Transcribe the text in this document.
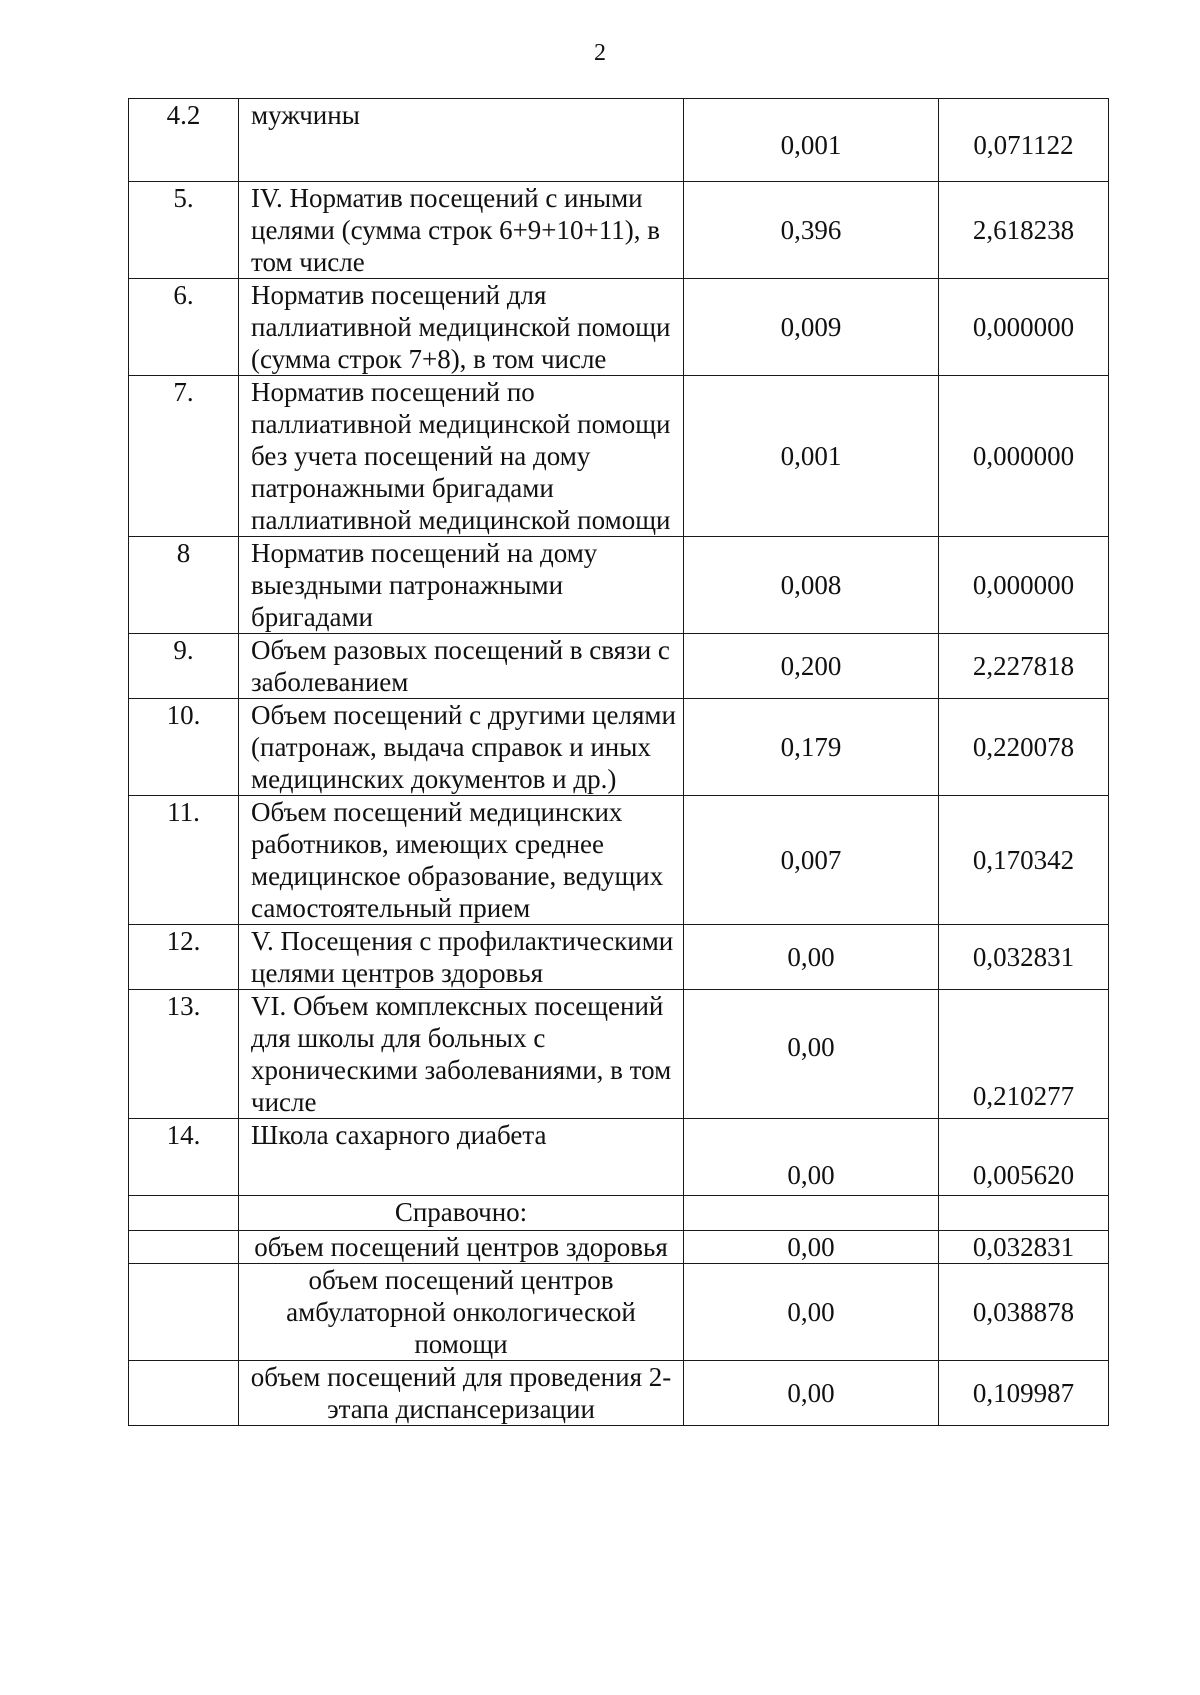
2
4.2	мужчины	0,001	0,071122
5.	IV. Норматив посещений с иными целями (сумма строк 6+9+10+11), в том числе	0,396	2,618238
6.	Норматив посещений для паллиативной медицинской помощи (сумма строк 7+8), в том числе	0,009	0,000000
7.	Норматив посещений по паллиативной медицинской помощи без учета посещений на дому патронажными бригадами паллиативной медицинской помощи	0,001	0,000000
8	Норматив посещений на дому выездными патронажными бригадами	0,008	0,000000
9.	Объем разовых посещений в связи с заболеванием	0,200	2,227818
10.	Объем посещений с другими целями (патронаж, выдача справок и иных медицинских документов и др.)	0,179	0,220078
11.	Объем посещений медицинских работников, имеющих среднее медицинское образование, ведущих самостоятельный прием	0,007	0,170342
12.	V. Посещения с профилактическими целями центров здоровья	0,00	0,032831
13.	VI. Объем комплексных посещений для школы для больных с хроническими заболеваниями, в том числе	0,00	0,210277
14.	Школа сахарного диабета	0,00	0,005620
	Справочно:		
	объем посещений центров здоровья	0,00	0,032831
	объем посещений центров амбулаторной онкологической помощи	0,00	0,038878
	объем посещений для проведения 2-этапа диспансеризации	0,00	0,109987
